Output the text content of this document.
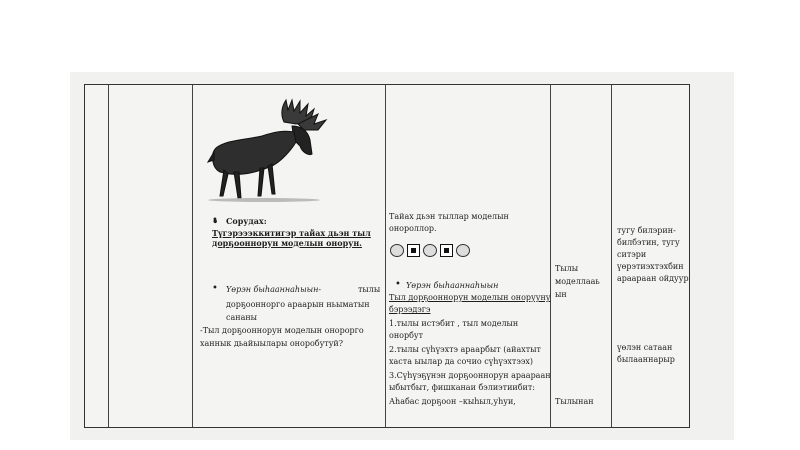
• Сорудах:
Түгэрэээккитигэр тайах дьэн тыл дорҕооннорун моделын онорун.
Үөрэн быһааннаһыын-	тылы
дорҕоонноргo араарын ньыматын
сананы
-Тыл дорҕооннорун моделын онорорго
ханнык дьайыылары оноробутуй?
•
•
Тайах дьэн тыллар моделын
онороллор.
• Үөрэн быһааннаһыын
Тыл дорҕооннорун моделын онорууну
бэрээдэгэ
1.тылы истэбит , тыл моделын
онорбут
2.тылы сүһүэхтэ араарбыт (айахтыт
хаста ыылар да сочио сүһүэхтээх)
3.Сүһүэҕүнэн дорҕооннорун араараан
ыбытбыт, фишканаи бэлиэтиибит:
Аһабас дорҕоон –кыһыл,уһуи,
Тылы
моделлааь
ын
Тылынан
тугу билэрин-
билбэтин, тугу
ситэри
үөрэтиэхтэхбин
араараан ойдуур
үөлэн сатаан
былааннарыр
